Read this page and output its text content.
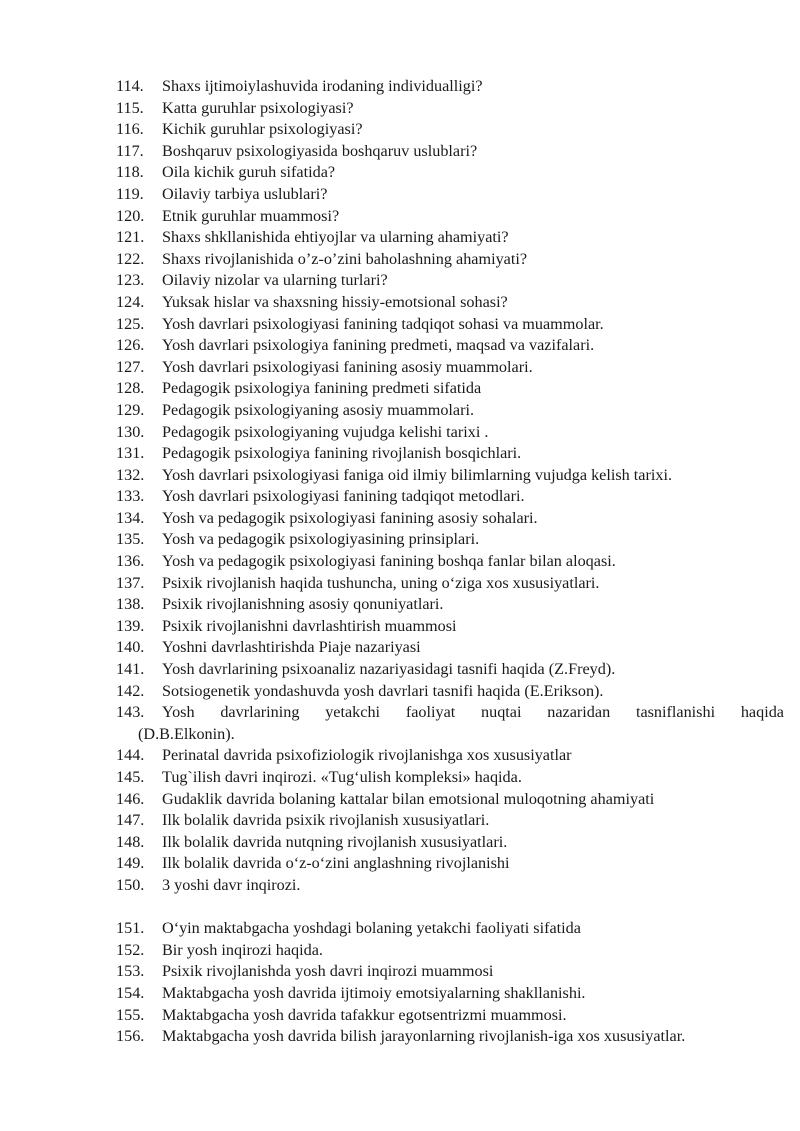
114. Shaxs ijtimoiylashuvida irodaning individualligi?
115. Katta guruhlar psixologiyasi?
116. Kichik guruhlar psixologiyasi?
117. Boshqaruv psixologiyasida boshqaruv uslublari?
118. Oila kichik guruh sifatida?
119. Oilaviy tarbiya uslublari?
120. Etnik guruhlar muammosi?
121. Shaxs shkllanishida ehtiyojlar va ularning ahamiyati?
122. Shaxs rivojlanishida o’z-o’zini baholashning ahamiyati?
123. Oilaviy nizolar va ularning turlari?
124. Yuksak hislar va shaxsning hissiy-emotsional sohasi?
125. Yosh davrlari psixologiyasi fanining tadqiqot sohasi va muammolar.
126. Yosh davrlari psixologiya fanining predmeti, maqsad va vazifalari.
127. Yosh davrlari psixologiyasi fanining asosiy muammolari.
128. Pedagogik psixologiya fanining predmeti sifatida
129. Pedagogik psixologiyaning asosiy muammolari.
130. Pedagogik psixologiyaning vujudga kelishi tarixi .
131. Pedagogik psixologiya fanining rivojlanish bosqichlari.
132. Yosh davrlari psixologiyasi faniga oid ilmiy bilimlarning vujudga kelish tarixi.
133. Yosh davrlari psixologiyasi fanining tadqiqot metodlari.
134. Yosh va pedagogik psixologiyasi fanining asosiy sohalari.
135. Yosh va pedagogik psixologiyasining prinsiplari.
136. Yosh va pedagogik psixologiyasi fanining boshqa fanlar bilan aloqasi.
137. Psixik rivojlanish haqida tushuncha, uning o‘ziga xos xususiyatlari.
138. Psixik rivojlanishning asosiy qonuniyatlari.
139. Psixik rivojlanishni davrlashtirish muammosi
140. Yoshni davrlashtirishda Piaje nazariyasi
141. Yosh davrlarining psixoanaliz nazariyasidagi tasnifi haqida (Z.Freyd).
142. Sotsiogenetik yondashuvda yosh davrlari tasnifi haqida (E.Erikson).
143. Yosh davrlarining yetakchi faoliyat nuqtai nazaridan tasniflanishi haqida
(D.B.Elkonin).
144. Perinatal davrida psixofiziologik rivojlanishga xos xususiyatlar
145. Tug`ilish davri inqirozi. «Tug‘ulish kompleksi» haqida.
146. Gudaklik davrida bolaning kattalar bilan emotsional muloqotning ahamiyati
147. Ilk bolalik davrida psixik rivojlanish xususiyatlari.
148. Ilk bolalik davrida nutqning rivojlanish xususiyatlari.
149. Ilk bolalik davrida o‘z-o‘zini anglashning rivojlanishi
150. 3 yoshi davr inqirozi.
151. O‘yin maktabgacha yoshdagi bolaning yetakchi faoliyati sifatida
152. Bir yosh inqirozi haqida.
153. Psixik rivojlanishda yosh davri inqirozi muammosi
154. Maktabgacha yosh davrida ijtimoiy emotsiyalarning shakllanishi.
155. Maktabgacha yosh davrida tafakkur egotsentrizmi muammosi.
156. Maktabgacha yosh davrida bilish jarayonlarning rivojlanish-iga xos xususiyatlar.
